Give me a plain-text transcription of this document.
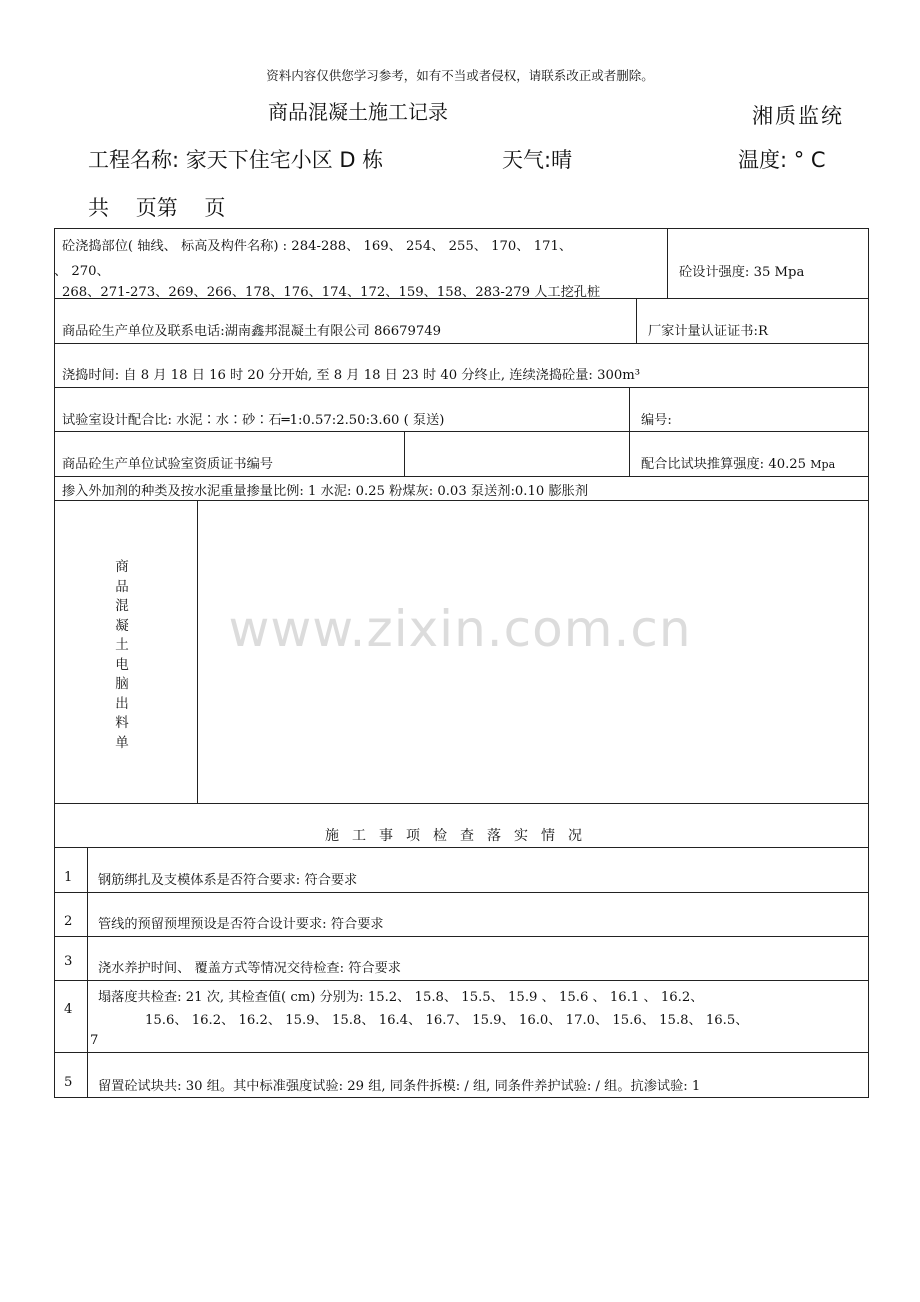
资料内容仅供您学习参考，如有不当或者侵权，请联系改正或者删除。
商品混凝土施工记录	湘质监统
工程名称: 家天下住宅小区 D 栋	天气:晴	温度: ° C
共    页第    页
www.zixin.com.cn
砼浇捣部位( 轴线、 标高及构件名称) : 284-288、 169、 254、 255、 170、 171、
、 270、
268、271-273、269、266、178、176、174、172、159、158、283-279 人工挖孔桩
砼设计强度: 35 Mpa
商品砼生产单位及联系电话:湖南鑫邦混凝土有限公司 86679749	厂家计量认证证书:R
浇捣时间: 自 8 月 18 日 16 时 20 分开始, 至 8 月 18 日 23 时 40 分终止, 连续浇捣砼量: 300m³
试验室设计配合比: 水泥∶水∶砂∶石═1:0.57:2.50:3.60 ( 泵送)	编号:
商品砼生产单位试验室资质证书编号	配合比试块推算强度: 40.25 Mpa
掺入外加剂的种类及按水泥重量掺量比例: 1 水泥: 0.25 粉煤灰: 0.03 泵送剂:0.10 膨胀剂
商
品
混
凝
土
电
脑
出
料
单
施工事项检查落实情况
1 钢筋绑扎及支模体系是否符合要求: 符合要求
2 管线的预留预埋预设是否符合设计要求: 符合要求
3 浇水养护时间、 覆盖方式等情况交待检查: 符合要求
4
塌落度共检查: 21 次, 其检查值( cm) 分别为: 15.2、 15.8、 15.5、 15.9 、 15.6 、 16.1 、 16.2、
15.6、 16.2、 16.2、 15.9、 15.8、 16.4、 16.7、 15.9、 16.0、 17.0、 15.6、 15.8、 16.5、
7
5 留置砼试块共: 30 组。其中标准强度试验: 29 组, 同条件拆模: / 组, 同条件养护试验: / 组。抗渗试验: 1
